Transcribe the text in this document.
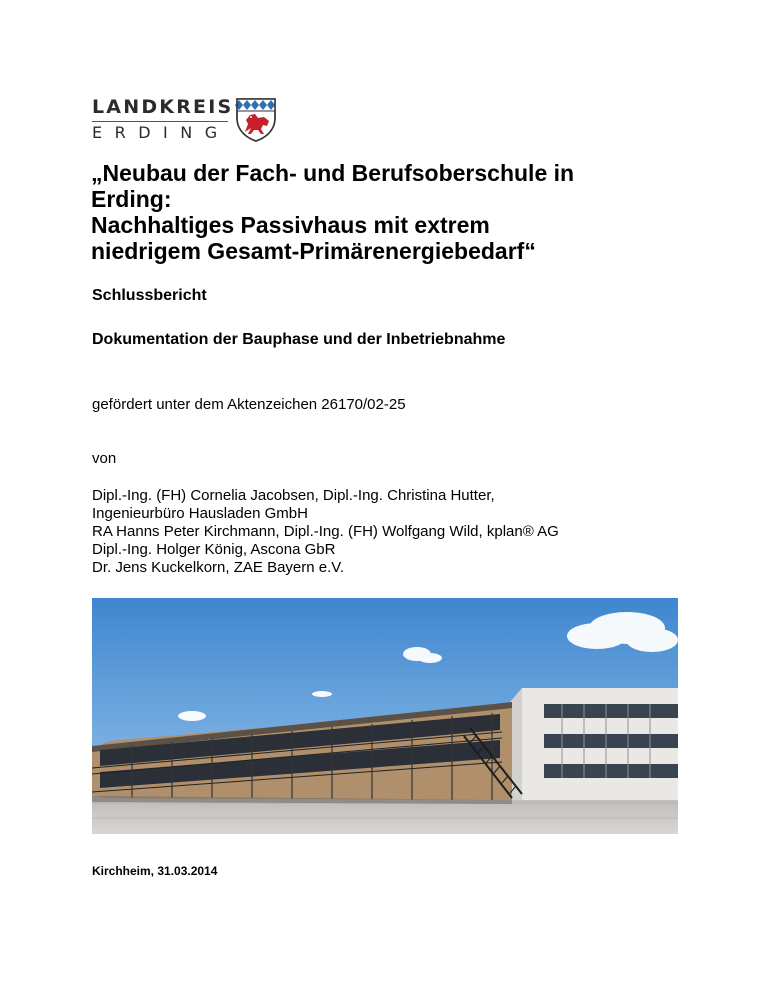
LANDKREIS
ERDING
„Neubau der Fach- und Berufsoberschule in
Erding:
Nachhaltiges Passivhaus mit extrem
niedrigem Gesamt-Primärenergiebedarf“
Schlussbericht
Dokumentation der Bauphase und der Inbetriebnahme

gefördert unter dem Aktenzeichen 26170/02-25

von

Dipl.-Ing. (FH) Cornelia Jacobsen, Dipl.-Ing. Christina Hutter,
Ingenieurbüro Hausladen GmbH
RA Hanns Peter Kirchmann, Dipl.-Ing. (FH) Wolfgang Wild, kplan® AG
Dipl.-Ing. Holger König, Ascona GbR
Dr. Jens Kuckelkorn, ZAE Bayern e.V.

Kirchheim, 31.03.2014
